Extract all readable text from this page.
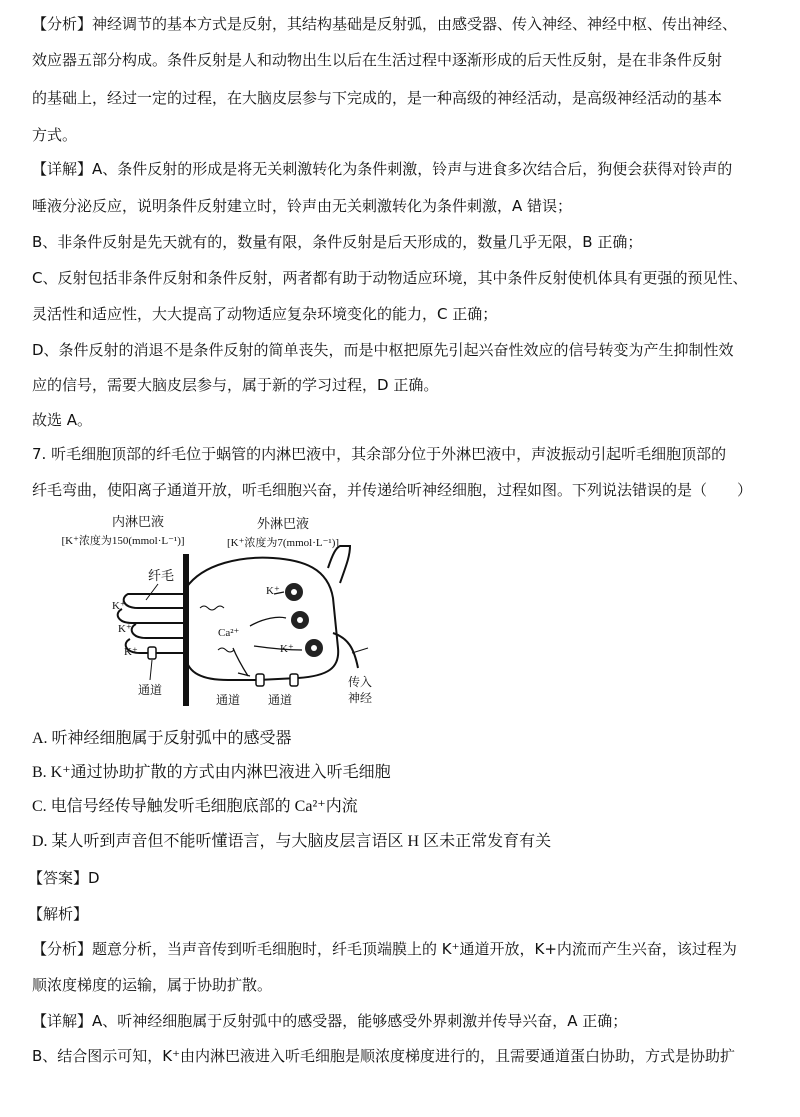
【分析】神经调节的基本方式是反射，其结构基础是反射弧，由感受器、传入神经、神经中枢、传出神经、
效应器五部分构成。条件反射是人和动物出生以后在生活过程中逐渐形成的后天性反射，是在非条件反射
的基础上，经过一定的过程，在大脑皮层参与下完成的，是一种高级的神经活动，是高级神经活动的基本
方式。
【详解】A、条件反射的形成是将无关刺激转化为条件刺激，铃声与进食多次结合后，狗便会获得对铃声的
唾液分泌反应，说明条件反射建立时，铃声由无关刺激转化为条件刺激，A 错误；
B、非条件反射是先天就有的，数量有限，条件反射是后天形成的，数量几乎无限，B 正确；
C、反射包括非条件反射和条件反射，两者都有助于动物适应环境，其中条件反射使机体具有更强的预见性、
灵活性和适应性，大大提高了动物适应复杂环境变化的能力，C 正确；
D、条件反射的消退不是条件反射的简单丧失，而是中枢把原先引起兴奋性效应的信号转变为产生抑制性效
应的信号，需要大脑皮层参与，属于新的学习过程，D 正确。
故选 A。
7. 听毛细胞顶部的纤毛位于蜗管的内淋巴液中，其余部分位于外淋巴液中，声波振动引起听毛细胞顶部的
纤毛弯曲，使阳离子通道开放，听毛细胞兴奋，并传递给听神经细胞，过程如图。下列说法错误的是（　　）
内淋巴液
[K⁺浓度为150(mmol·L⁻¹)]
外淋巴液
[K⁺浓度为7(mmol·L⁻¹)]
纤毛
K⁺
K⁺
K⁺
通道
通道 通道
K⁺
K⁺
Ca²⁺
传入
神经
A. 听神经细胞属于反射弧中的感受器
B. K⁺通过协助扩散的方式由内淋巴液进入听毛细胞
C. 电信号经传导触发听毛细胞底部的 Ca²⁺内流
D. 某人听到声音但不能听懂语言，与大脑皮层言语区 H 区未正常发育有关
【答案】D
【解析】
【分析】题意分析，当声音传到听毛细胞时，纤毛顶端膜上的 K⁺通道开放，K+内流而产生兴奋，该过程为
顺浓度梯度的运输，属于协助扩散。
【详解】A、听神经细胞属于反射弧中的感受器，能够感受外界刺激并传导兴奋，A 正确；
B、结合图示可知，K⁺由内淋巴液进入听毛细胞是顺浓度梯度进行的，且需要通道蛋白协助，方式是协助扩
